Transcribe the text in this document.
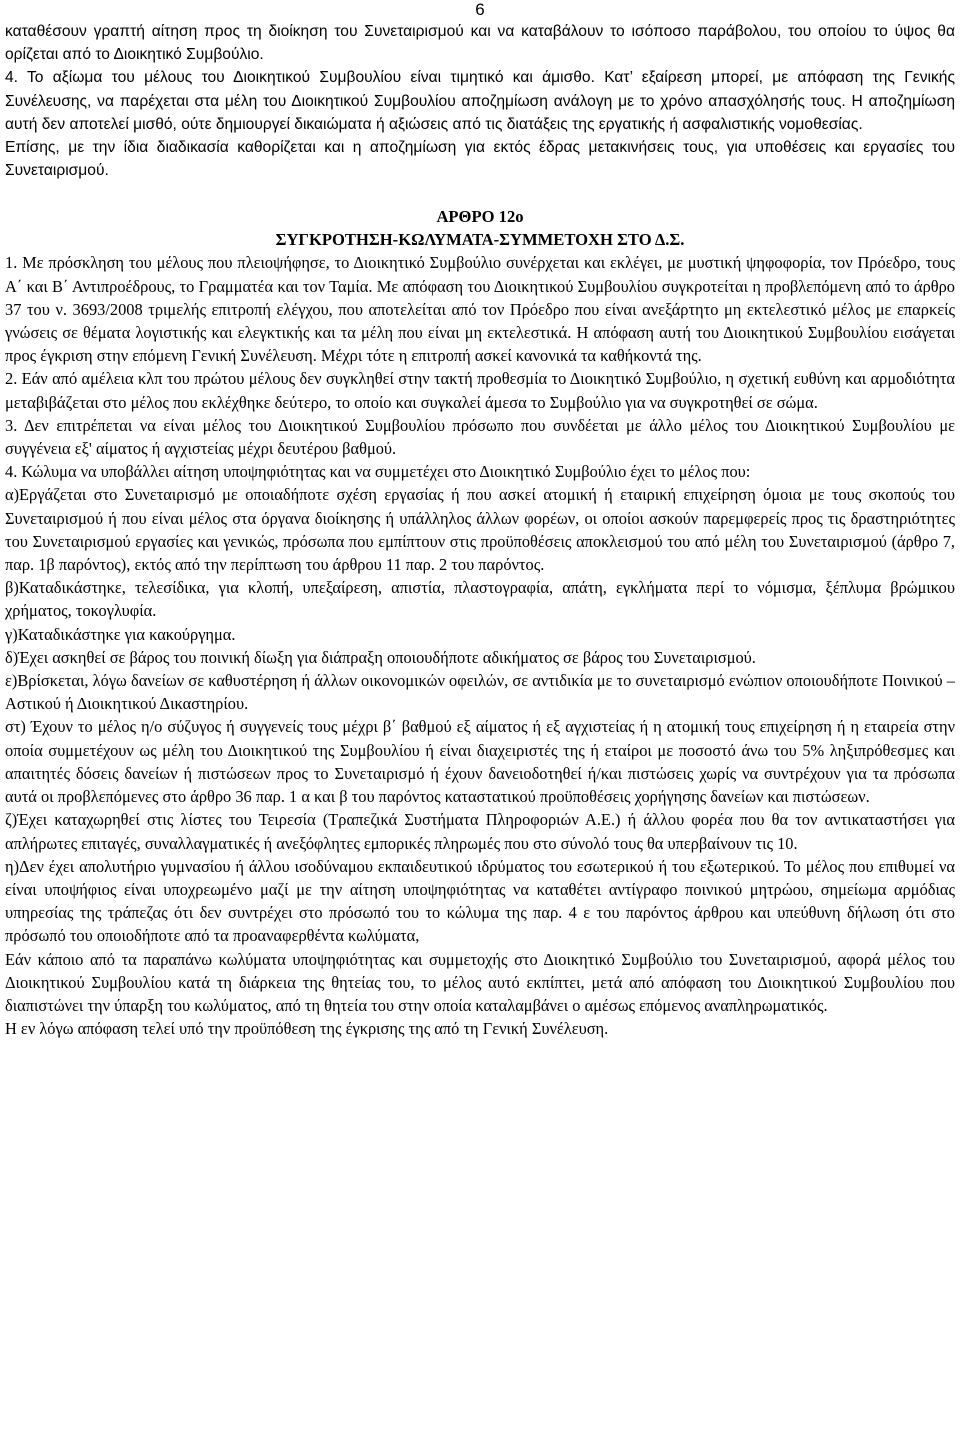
6

καταθέσουν γραπτή αίτηση προς τη διοίκηση του Συνεταιρισμού και να καταβάλουν το ισόποσο παράβολου, του οποίου το ύψος θα ορίζεται από το Διοικητικό Συμβούλιο.

4. Το αξίωμα του μέλους του Διοικητικού Συμβουλίου είναι τιμητικό και άμισθο. Κατ’ εξαίρεση μπορεί, με απόφαση της Γενικής Συνέλευσης, να παρέχεται στα μέλη του Διοικητικού Συμβουλίου αποζημίωση ανάλογη με το χρόνο απασχόλησής τους. Η αποζημίωση αυτή δεν αποτελεί μισθό, ούτε δημιουργεί δικαιώματα ή αξιώσεις από τις διατάξεις της εργατικής ή ασφαλιστικής νομοθεσίας.

Επίσης, με την ίδια διαδικασία καθορίζεται και η αποζημίωση για εκτός έδρας μετακινήσεις τους, για υποθέσεις και εργασίες του Συνεταιρισμού.

ΑΡΘΡΟ 12ο
ΣΥΓΚΡΟΤΗΣΗ-ΚΩΛΥΜΑΤΑ-ΣΥΜΜΕΤΟΧΗ ΣΤΟ Δ.Σ.

1. Με πρόσκληση του μέλους που πλειοψήφησε, το Διοικητικό Συμβούλιο συνέρχεται και εκλέγει, με μυστική ψηφοφορία, τον Πρόεδρο, τους Α΄ και Β΄ Αντιπροέδρους, το Γραμματέα και τον Ταμία. Με απόφαση του Διοικητικού Συμβουλίου συγκροτείται η προβλεπόμενη από το άρθρο 37 του ν. 3693/2008 τριμελής επιτροπή ελέγχου, που αποτελείται από τον Πρόεδρο που είναι ανεξάρτητο μη εκτελεστικό μέλος με επαρκείς γνώσεις σε θέματα λογιστικής και ελεγκτικής και τα μέλη που είναι μη εκτελεστικά. Η απόφαση αυτή του Διοικητικού Συμβουλίου εισάγεται προς έγκριση στην επόμενη Γενική Συνέλευση. Μέχρι τότε η επιτροπή ασκεί κανονικά τα καθήκοντά της.

2. Εάν από αμέλεια κλπ του πρώτου μέλους δεν συγκληθεί στην τακτή προθεσμία το Διοικητικό Συμβούλιο, η σχετική ευθύνη και αρμοδιότητα μεταβιβάζεται στο μέλος που εκλέχθηκε δεύτερο, το οποίο και συγκαλεί άμεσα το Συμβούλιο για να συγκροτηθεί σε σώμα.

3. Δεν επιτρέπεται να είναι μέλος του Διοικητικού Συμβουλίου πρόσωπο που συνδέεται με άλλο μέλος του Διοικητικού Συμβουλίου με συγγένεια εξ' αίματος ή αγχιστείας μέχρι δευτέρου βαθμού.

4. Κώλυμα να υποβάλλει αίτηση υποψηφιότητας και να συμμετέχει στο Διοικητικό Συμβούλιο έχει το μέλος που:

α)Εργάζεται στο Συνεταιρισμό με οποιαδήποτε σχέση εργασίας ή που ασκεί ατομική ή εταιρική επιχείρηση όμοια με τους σκοπούς του Συνεταιρισμού ή που είναι μέλος στα όργανα διοίκησης ή υπάλληλος άλλων φορέων, οι οποίοι ασκούν παρεμφερείς προς τις δραστηριότητες του Συνεταιρισμού εργασίες και γενικώς, πρόσωπα που εμπίπτουν στις προϋποθέσεις αποκλεισμού του από μέλη του Συνεταιρισμού (άρθρο 7, παρ. 1β παρόντος), εκτός από την περίπτωση του άρθρου 11 παρ. 2 του παρόντος.

β)Καταδικάστηκε, τελεσίδικα, για κλοπή, υπεξαίρεση, απιστία, πλαστογραφία, απάτη, εγκλήματα περί το νόμισμα, ξέπλυμα βρώμικου χρήματος, τοκογλυφία.

γ)Καταδικάστηκε για κακούργημα.

δ)Έχει ασκηθεί σε βάρος του ποινική δίωξη για διάπραξη οποιουδήποτε αδικήματος σε βάρος του Συνεταιρισμού.

ε)Βρίσκεται, λόγω δανείων σε καθυστέρηση ή άλλων οικονομικών οφειλών, σε αντιδικία με το συνεταιρισμό ενώπιον οποιουδήποτε Ποινικού – Αστικού ή Διοικητικού Δικαστηρίου.

στ) Έχουν το μέλος η/ο σύζυγος ή συγγενείς τους μέχρι β΄ βαθμού εξ αίματος ή εξ αγχιστείας ή η ατομική τους επιχείρηση ή η εταιρεία στην οποία συμμετέχουν ως μέλη του Διοικητικού της Συμβουλίου ή είναι διαχειριστές της ή εταίροι με ποσοστό άνω του 5% ληξιπρόθεσμες και απαιτητές δόσεις δανείων ή πιστώσεων προς το Συνεταιρισμό ή έχουν δανειοδοτηθεί ή/και πιστώσεις χωρίς να συντρέχουν για τα πρόσωπα αυτά οι προβλεπόμενες στο άρθρο 36 παρ. 1 α και β του παρόντος καταστατικού προϋποθέσεις χορήγησης δανείων και πιστώσεων.

ζ)Έχει καταχωρηθεί στις λίστες του Τειρεσία (Τραπεζικά Συστήματα Πληροφοριών Α.Ε.) ή άλλου φορέα που θα τον αντικαταστήσει για απλήρωτες επιταγές, συναλλαγματικές ή ανεξόφλητες εμπορικές πληρωμές που στο σύνολό τους θα υπερβαίνουν τις 10.

η)Δεν έχει απολυτήριο γυμνασίου ή άλλου ισοδύναμου εκπαιδευτικού ιδρύματος του εσωτερικού ή του εξωτερικού. Το μέλος που επιθυμεί να είναι υποψήφιος είναι υποχρεωμένο μαζί με την αίτηση υποψηφιότητας να καταθέτει αντίγραφο ποινικού μητρώου, σημείωμα αρμόδιας υπηρεσίας της τράπεζας ότι δεν συντρέχει στο πρόσωπό του το κώλυμα της παρ. 4 ε του παρόντος άρθρου και υπεύθυνη δήλωση ότι στο πρόσωπό του οποιοδήποτε από τα προαναφερθέντα κωλύματα,

Εάν κάποιο από τα παραπάνω κωλύματα υποψηφιότητας και συμμετοχής στο Διοικητικό Συμβούλιο του Συνεταιρισμού, αφορά μέλος του Διοικητικού Συμβουλίου κατά τη διάρκεια της θητείας του, το μέλος αυτό εκπίπτει, μετά από απόφαση του Διοικητικού Συμβουλίου που διαπιστώνει την ύπαρξη του κωλύματος, από τη θητεία του στην οποία καταλαμβάνει ο αμέσως επόμενος αναπληρωματικός.

Η εν λόγω απόφαση τελεί υπό την προϋπόθεση της έγκρισης της από τη Γενική Συνέλευση.
